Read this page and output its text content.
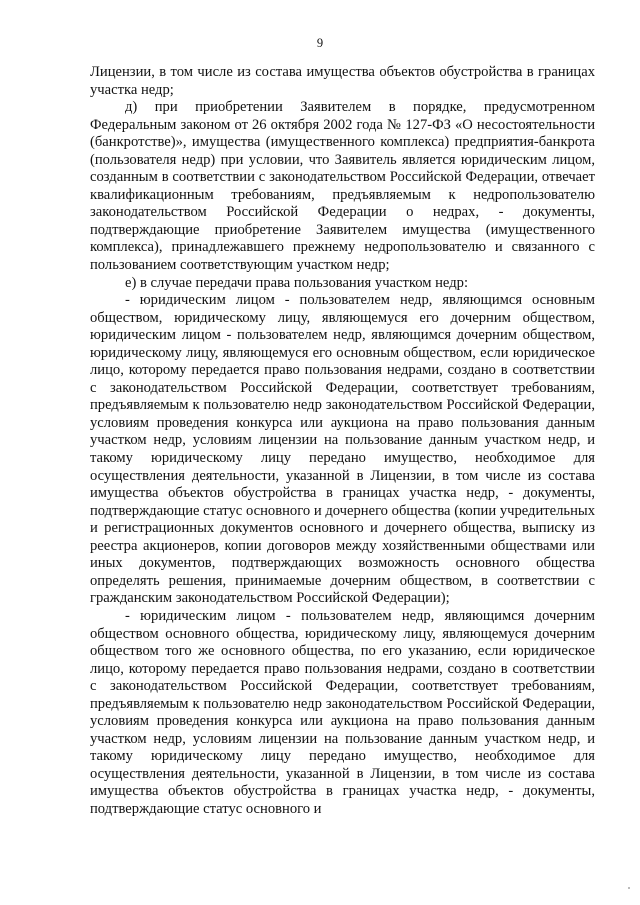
9

Лицензии, в том числе из состава имущества объектов обустройства в границах участка недр;

д) при приобретении Заявителем в порядке, предусмотренном Федеральным законом от 26 октября 2002 года № 127-ФЗ «О несостоятельности (банкротстве)», имущества (имущественного комплекса) предприятия-банкрота (пользователя недр) при условии, что Заявитель является юридическим лицом, созданным в соответствии с законодательством Российской Федерации, отвечает квалификационным требованиям, предъявляемым к недропользователю законодательством Российской Федерации о недрах, - документы, подтверждающие приобретение Заявителем имущества (имущественного комплекса), принадлежавшего прежнему недропользователю и связанного с пользованием соответствующим участком недр;

е) в случае передачи права пользования участком недр:

- юридическим лицом - пользователем недр, являющимся основным обществом, юридическому лицу, являющемуся его дочерним обществом, юридическим лицом - пользователем недр, являющимся дочерним обществом, юридическому лицу, являющемуся его основным обществом, если юридическое лицо, которому передается право пользования недрами, создано в соответствии с законодательством Российской Федерации, соответствует требованиям, предъявляемым к пользователю недр законодательством Российской Федерации, условиям проведения конкурса или аукциона на право пользования данным участком недр, условиям лицензии на пользование данным участком недр, и такому юридическому лицу передано имущество, необходимое для осуществления деятельности, указанной в Лицензии, в том числе из состава имущества объектов обустройства в границах участка недр, - документы, подтверждающие статус основного и дочернего общества (копии учредительных и регистрационных документов основного и дочернего общества, выписку из реестра акционеров, копии договоров между хозяйственными обществами или иных документов, подтверждающих возможность основного общества определять решения, принимаемые дочерним обществом, в соответствии с гражданским законодательством Российской Федерации);

- юридическим лицом - пользователем недр, являющимся дочерним обществом основного общества, юридическому лицу, являющемуся дочерним обществом того же основного общества, по его указанию, если юридическое лицо, которому передается право пользования недрами, создано в соответствии с законодательством Российской Федерации, соответствует требованиям, предъявляемым к пользователю недр законодательством Российской Федерации, условиям проведения конкурса или аукциона на право пользования данным участком недр, условиям лицензии на пользование данным участком недр, и такому юридическому лицу передано имущество, необходимое для осуществления деятельности, указанной в Лицензии, в том числе из состава имущества объектов обустройства в границах участка недр, - документы, подтверждающие статус основного и
